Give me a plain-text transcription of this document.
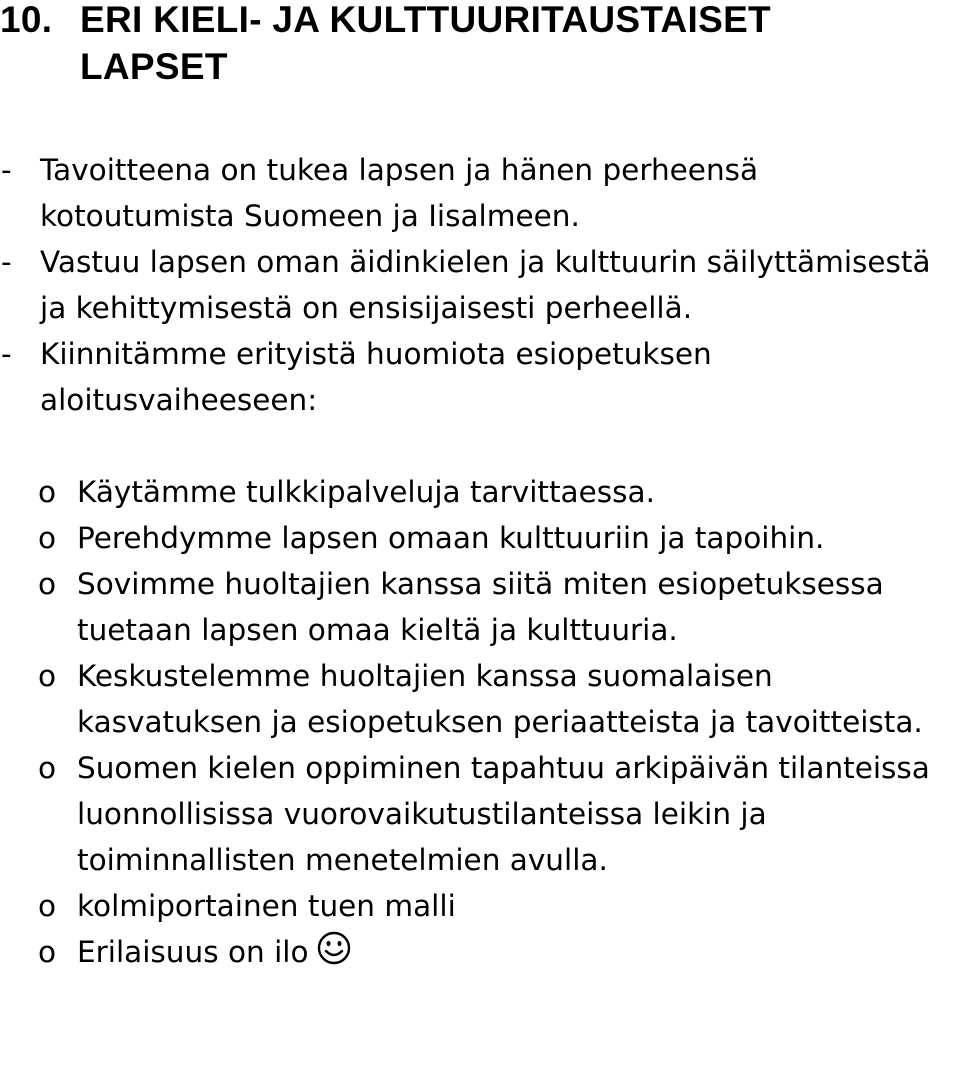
10. ERI KIELI- JA KULTTUURITAUSTAISET
LAPSET
- Tavoitteena on tukea lapsen ja hänen perheensä kotoutumista Suomeen ja Iisalmeen.
- Vastuu lapsen oman äidinkielen ja kulttuurin säilyttämisestä ja kehittymisestä on ensisijaisesti perheellä.
- Kiinnitämme erityistä huomiota esiopetuksen aloitusvaiheeseen:
o Käytämme tulkkipalveluja tarvittaessa.
o Perehdymme lapsen omaan kulttuuriin ja tapoihin.
o Sovimme huoltajien kanssa siitä miten esiopetuksessa tuetaan lapsen omaa kieltä ja kulttuuria.
o Keskustelemme huoltajien kanssa suomalaisen kasvatuksen ja esiopetuksen periaatteista ja tavoitteista.
o Suomen kielen oppiminen tapahtuu arkipäivän tilanteissa luonnollisissa vuorovaikutustilanteissa leikin ja toiminnallisten menetelmien avulla.
o kolmiportainen tuen malli
o Erilaisuus on ilo
